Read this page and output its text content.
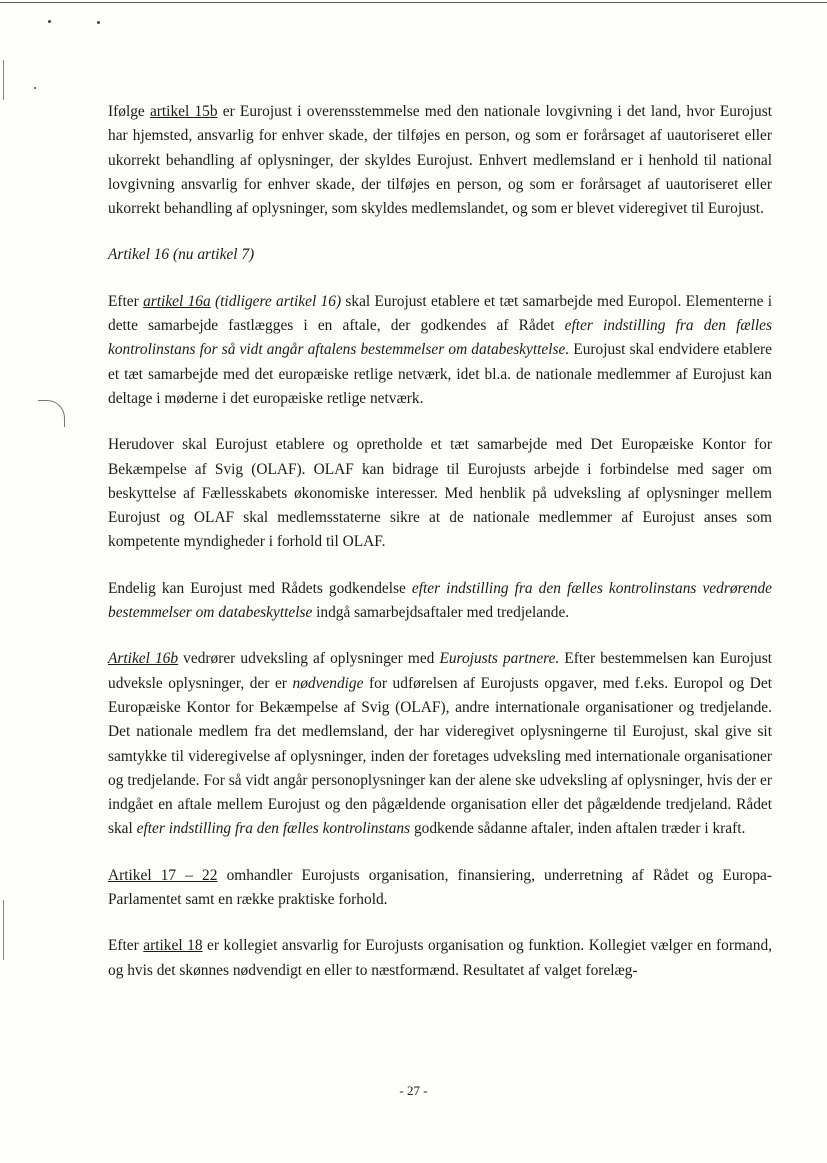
Ifølge artikel 15b er Eurojust i overensstemmelse med den nationale lovgivning i det land, hvor Eurojust har hjemsted, ansvarlig for enhver skade, der tilføjes en person, og som er forårsaget af uautoriseret eller ukorrekt behandling af oplysninger, der skyldes Eurojust. Enhvert medlemsland er i henhold til national lovgivning ansvarlig for enhver skade, der tilføjes en person, og som er forårsaget af uautoriseret eller ukorrekt behandling af oplysninger, som skyldes medlemslandet, og som er blevet videregivet til Eurojust.

Artikel 16 (nu artikel 7)

Efter artikel 16a (tidligere artikel 16) skal Eurojust etablere et tæt samarbejde med Europol. Elementerne i dette samarbejde fastlægges i en aftale, der godkendes af Rådet efter indstilling fra den fælles kontrolinstans for så vidt angår aftalens bestemmelser om databeskyttelse. Eurojust skal endvidere etablere et tæt samarbejde med det europæiske retlige netværk, idet bl.a. de nationale medlemmer af Eurojust kan deltage i møderne i det europæiske retlige netværk.

Herudover skal Eurojust etablere og opretholde et tæt samarbejde med Det Europæiske Kontor for Bekæmpelse af Svig (OLAF). OLAF kan bidrage til Eurojusts arbejde i forbindelse med sager om beskyttelse af Fællesskabets økonomiske interesser. Med henblik på udveksling af oplysninger mellem Eurojust og OLAF skal medlemsstaterne sikre at de nationale medlemmer af Eurojust anses som kompetente myndigheder i forhold til OLAF.

Endelig kan Eurojust med Rådets godkendelse efter indstilling fra den fælles kontrolinstans vedrørende bestemmelser om databeskyttelse indgå samarbejdsaftaler med tredjelande.

Artikel 16b vedrører udveksling af oplysninger med Eurojusts partnere. Efter bestemmelsen kan Eurojust udveksle oplysninger, der er nødvendige for udførelsen af Eurojusts opgaver, med f.eks. Europol og Det Europæiske Kontor for Bekæmpelse af Svig (OLAF), andre internationale organisationer og tredjelande. Det nationale medlem fra det medlemsland, der har videregivet oplysningerne til Eurojust, skal give sit samtykke til videregivelse af oplysninger, inden der foretages udveksling med internationale organisationer og tredjelande. For så vidt angår personoplysninger kan der alene ske udveksling af oplysninger, hvis der er indgået en aftale mellem Eurojust og den pågældende organisation eller det pågældende tredjeland. Rådet skal efter indstilling fra den fælles kontrolinstans godkende sådanne aftaler, inden aftalen træder i kraft.

Artikel 17 – 22 omhandler Eurojusts organisation, finansiering, underretning af Rådet og Europa-Parlamentet samt en række praktiske forhold.

Efter artikel 18 er kollegiet ansvarlig for Eurojusts organisation og funktion. Kollegiet vælger en formand, og hvis det skønnes nødvendigt en eller to næstformænd. Resultatet af valget forelæg-

- 27 -
